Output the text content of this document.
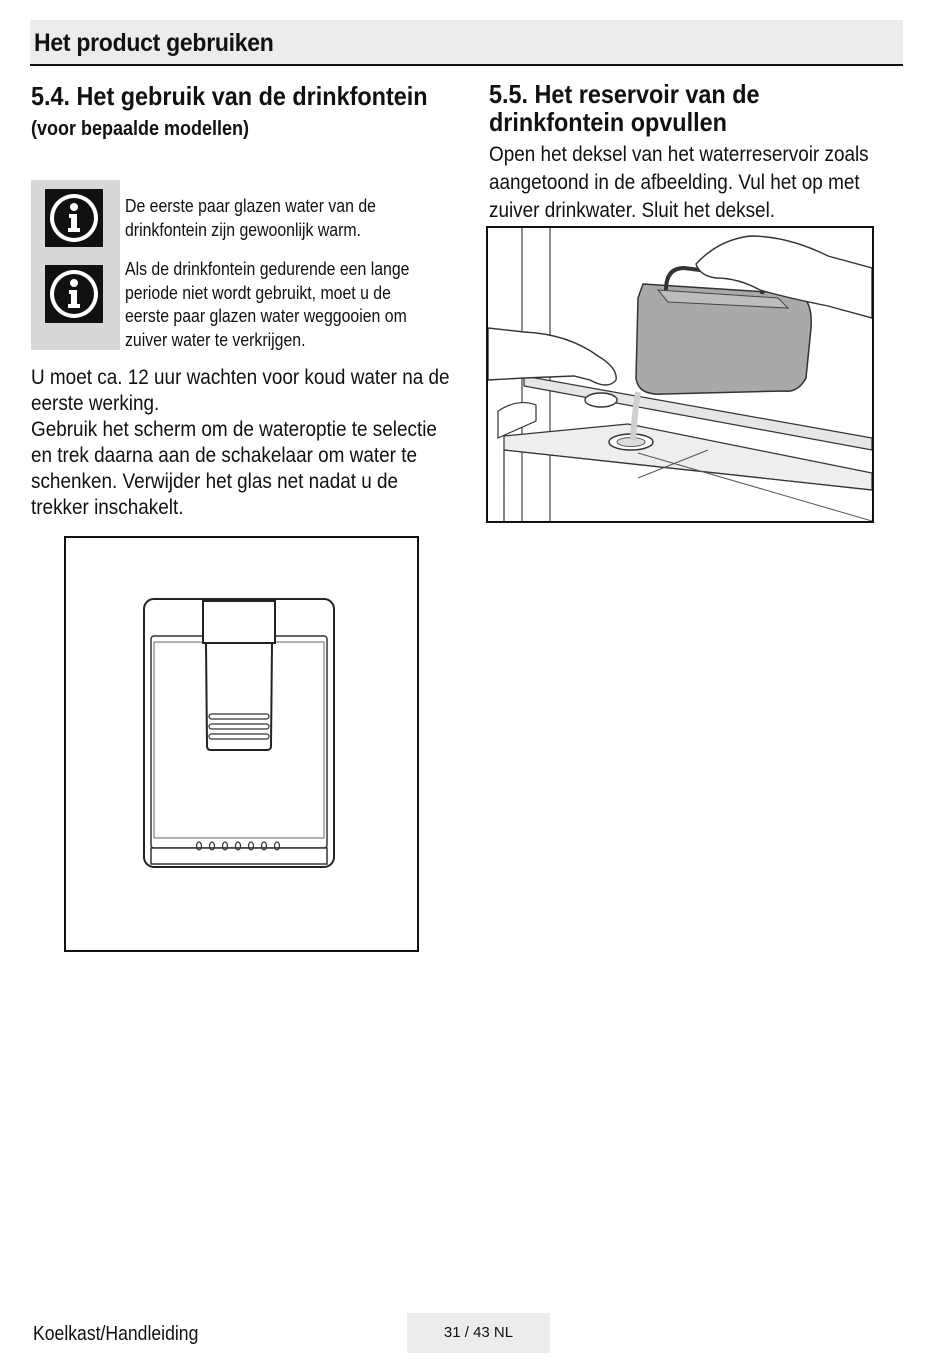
Het product gebruiken
5.4. Het gebruik van de drinkfontein

(voor bepaalde modellen)

De eerste paar glazen water van de drinkfontein zijn gewoonlijk warm.

Als de drinkfontein gedurende een lange periode niet wordt gebruikt, moet u de eerste paar glazen water weggooien om zuiver water te verkrijgen.

U moet ca. 12 uur wachten voor koud water na de eerste werking.

Gebruik het scherm om de wateroptie te selectie en trek daarna aan de schakelaar om water te schenken. Verwijder het glas net nadat u de trekker inschakelt.

5.5. Het reservoir van de
drinkfontein opvullen

Open het deksel van het waterreservoir zoals aangetoond in de afbeelding. Vul het op met zuiver drinkwater. Sluit het deksel.

Koelkast/Handleiding	31 / 43 NL
